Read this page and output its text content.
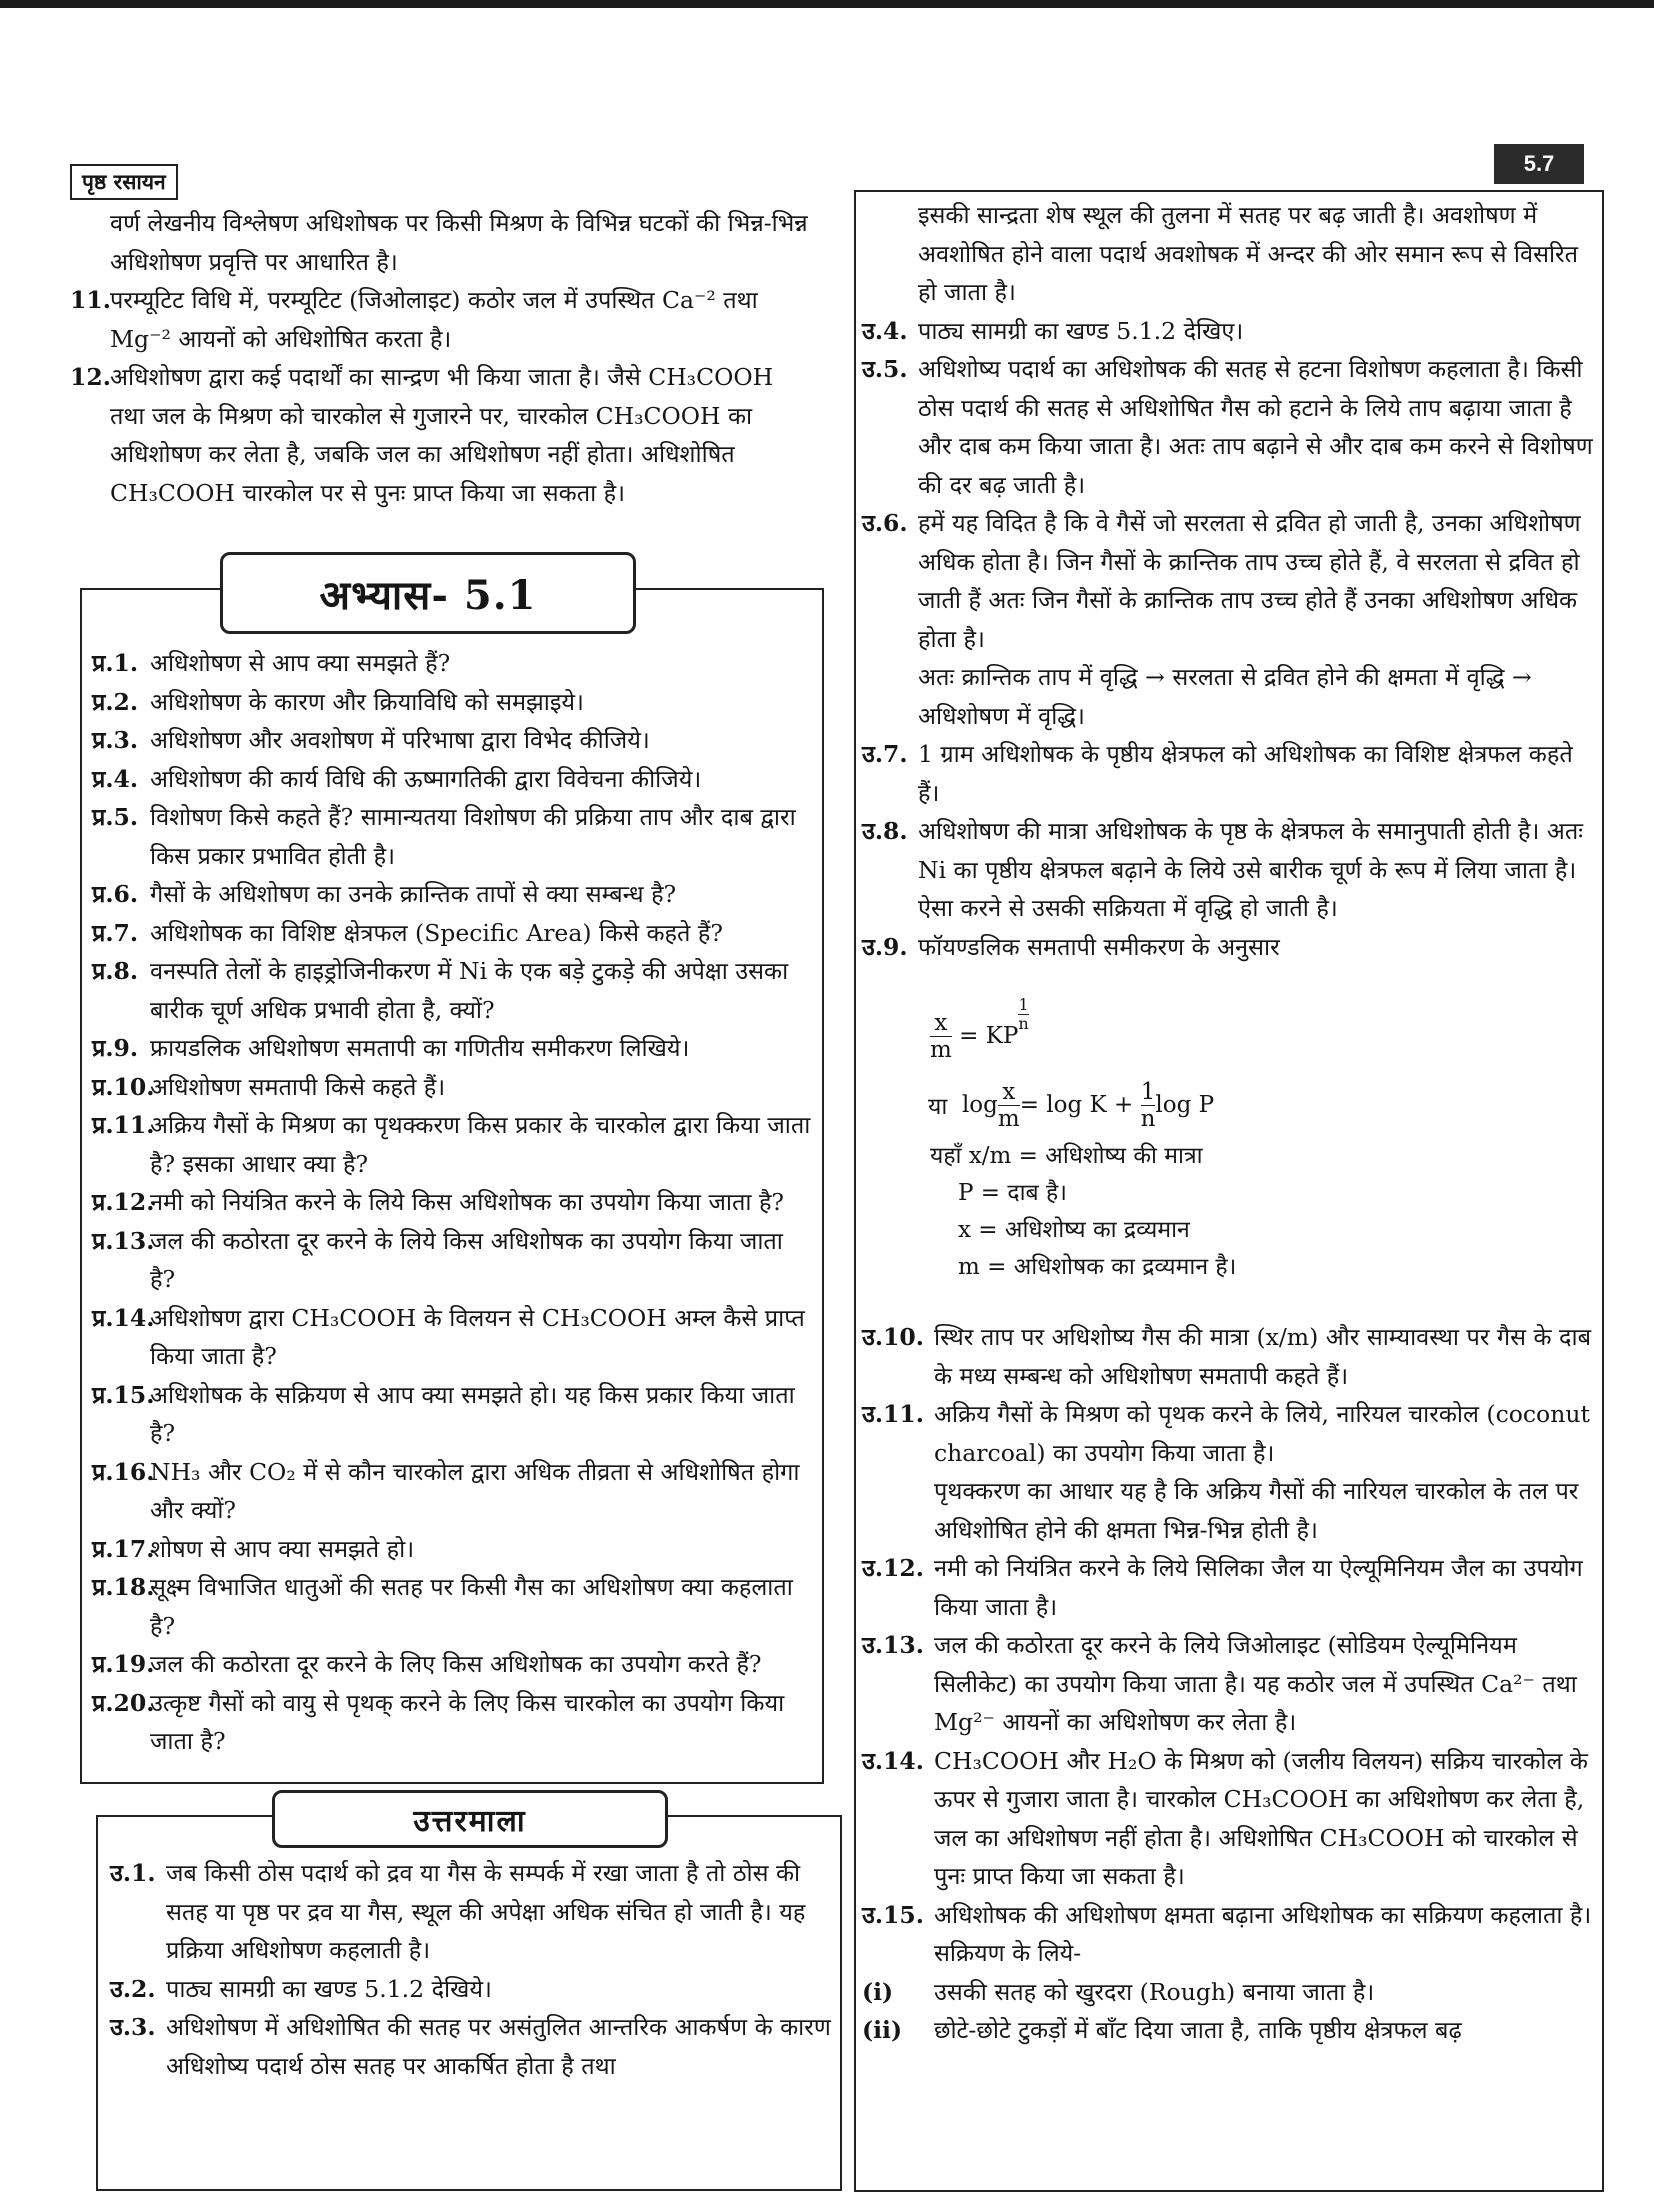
5.7
पृष्ठ रसायन
वर्ण लेखनीय विश्लेषण अधिशोषक पर किसी मिश्रण के विभिन्न घटकों की भिन्न-भिन्न अधिशोषण प्रवृत्ति पर आधारित है।
11. परम्यूटिट विधि में, परम्यूटिट (जिओलाइट) कठोर जल में उपस्थित Ca⁻² तथा Mg⁻² आयनों को अधिशोषित करता है।
12. अधिशोषण द्वारा कई पदार्थों का सान्द्रण भी किया जाता है। जैसे CH₃COOH तथा जल के मिश्रण को चारकोल से गुजारने पर, चारकोल CH₃COOH का अधिशोषण कर लेता है, जबकि जल का अधिशोषण नहीं होता। अधिशोषित CH₃COOH चारकोल पर से पुनः प्राप्त किया जा सकता है।
अभ्यास- 5.1
प्र.1. अधिशोषण से आप क्या समझते हैं?
प्र.2. अधिशोषण के कारण और क्रियाविधि को समझाइये।
प्र.3. अधिशोषण और अवशोषण में परिभाषा द्वारा विभेद कीजिये।
प्र.4. अधिशोषण की कार्य विधि की ऊष्मागतिकी द्वारा विवेचना कीजिये।
प्र.5. विशोषण किसे कहते हैं? सामान्यतया विशोषण की प्रक्रिया ताप और दाब द्वारा किस प्रकार प्रभावित होती है।
प्र.6. गैसों के अधिशोषण का उनके क्रान्तिक तापों से क्या सम्बन्ध है?
प्र.7. अधिशोषक का विशिष्ट क्षेत्रफल (Specific Area) किसे कहते हैं?
प्र.8. वनस्पति तेलों के हाइड्रोजिनीकरण में Ni के एक बड़े टुकड़े की अपेक्षा उसका बारीक चूर्ण अधिक प्रभावी होता है, क्यों?
प्र.9. फ्रायडलिक अधिशोषण समतापी का गणितीय समीकरण लिखिये।
प्र.10.
अधिशोषण समतापी किसे कहते हैं।
प्र.11.
अक्रिय गैसों के मिश्रण का पृथक्करण किस प्रकार के चारकोल द्वारा किया जाता है? इसका आधार क्या है?
प्र.12.
नमी को नियंत्रित करने के लिये किस अधिशोषक का उपयोग किया जाता है?
प्र.13.
जल की कठोरता दूर करने के लिये किस अधिशोषक का उपयोग किया जाता है?
प्र.14.
अधिशोषण द्वारा CH₃COOH के विलयन से CH₃COOH अम्ल कैसे प्राप्त किया जाता है?
प्र.15.
अधिशोषक के सक्रियण से आप क्या समझते हो। यह किस प्रकार किया जाता है?
प्र.16.
NH₃ और CO₂ में से कौन चारकोल द्वारा अधिक तीव्रता से अधिशोषित होगा और क्यों?
प्र.17.
शोषण से आप क्या समझते हो।
प्र.18.
सूक्ष्म विभाजित धातुओं की सतह पर किसी गैस का अधिशोषण क्या कहलाता है?
प्र.19.
जल की कठोरता दूर करने के लिए किस अधिशोषक का उपयोग करते हैं?
प्र.20.
उत्कृष्ट गैसों को वायु से पृथक् करने के लिए किस चारकोल का उपयोग किया जाता है?
उत्तरमाला
उ.1. जब किसी ठोस पदार्थ को द्रव या गैस के सम्पर्क में रखा जाता है तो ठोस की सतह या पृष्ठ पर द्रव या गैस, स्थूल की अपेक्षा अधिक संचित हो जाती है। यह प्रक्रिया अधिशोषण कहलाती है।
उ.2. पाठ्य सामग्री का खण्ड 5.1.2 देखिये।
उ.3. अधिशोषण में अधिशोषित की सतह पर असंतुलित आन्तरिक आकर्षण के कारण अधिशोष्य पदार्थ ठोस सतह पर आकर्षित होता है तथा
इसकी सान्द्रता शेष स्थूल की तुलना में सतह पर बढ़ जाती है। अवशोषण में अवशोषित होने वाला पदार्थ अवशोषक में अन्दर की ओर समान रूप से विसरित हो जाता है।
उ.4. पाठ्य सामग्री का खण्ड 5.1.2 देखिए।
उ.5. अधिशोष्य पदार्थ का अधिशोषक की सतह से हटना विशोषण कहलाता है। किसी ठोस पदार्थ की सतह से अधिशोषित गैस को हटाने के लिये ताप बढ़ाया जाता है और दाब कम किया जाता है। अतः ताप बढ़ाने से और दाब कम करने से विशोषण की दर बढ़ जाती है।
उ.6. हमें यह विदित है कि वे गैसें जो सरलता से द्रवित हो जाती है, उनका अधिशोषण अधिक होता है। जिन गैसों के क्रान्तिक ताप उच्च होते हैं, वे सरलता से द्रवित हो जाती हैं अतः जिन गैसों के क्रान्तिक ताप उच्च होते हैं उनका अधिशोषण अधिक होता है।
अतः क्रान्तिक ताप में वृद्धि → सरलता से द्रवित होने की क्षमता में वृद्धि → अधिशोषण में वृद्धि।
उ.7. 1 ग्राम अधिशोषक के पृष्ठीय क्षेत्रफल को अधिशोषक का विशिष्ट क्षेत्रफल कहते हैं।
उ.8. अधिशोषण की मात्रा अधिशोषक के पृष्ठ के क्षेत्रफल के समानुपाती होती है। अतः Ni का पृष्ठीय क्षेत्रफल बढ़ाने के लिये उसे बारीक चूर्ण के रूप में लिया जाता है। ऐसा करने से उसकी सक्रियता में वृद्धि हो जाती है।
उ.9. फॉयण्डलिक समतापी समीकरण के अनुसार
$\frac{x}{m}$ = KP
$\frac{1}{n}$
या
$\log \frac{x}{m} = \log K$ +
$\frac{1}{n}$ log P
यहाँ x/m = अधिशोष्य की मात्रा
P = दाब है।
x = अधिशोष्य का द्रव्यमान
m = अधिशोषक का द्रव्यमान है।
उ.10. स्थिर ताप पर अधिशोष्य गैस की मात्रा (x/m) और साम्यावस्था पर गैस के दाब के मध्य सम्बन्ध को अधिशोषण समतापी कहते हैं।
उ.11. अक्रिय गैसों के मिश्रण को पृथक करने के लिये, नारियल चारकोल (coconut charcoal) का उपयोग किया जाता है।
पृथक्करण का आधार यह है कि अक्रिय गैसों की नारियल चारकोल के तल पर अधिशोषित होने की क्षमता भिन्न-भिन्न होती है।
उ.12. नमी को नियंत्रित करने के लिये सिलिका जैल या ऐल्यूमिनियम जैल का उपयोग किया जाता है।
उ.13. जल की कठोरता दूर करने के लिये जिओलाइट (सोडियम ऐल्यूमिनियम सिलीकेट) का उपयोग किया जाता है। यह कठोर जल में उपस्थित Ca²⁻ तथा Mg²⁻ आयनों का अधिशोषण कर लेता है।
उ.14. CH₃COOH और H₂O के मिश्रण को (जलीय विलयन) सक्रिय चारकोल के ऊपर से गुजारा जाता है। चारकोल CH₃COOH का अधिशोषण कर लेता है, जल का अधिशोषण नहीं होता है। अधिशोषित CH₃COOH को चारकोल से पुनः प्राप्त किया जा सकता है।
उ.15. अधिशोषक की अधिशोषण क्षमता बढ़ाना अधिशोषक का सक्रियण कहलाता है। सक्रियण के लिये-
(i) उसकी सतह को खुरदरा (Rough) बनाया जाता है।
(ii) छोटे-छोटे टुकड़ों में बाँट दिया जाता है, ताकि पृष्ठीय क्षेत्रफल बढ़
